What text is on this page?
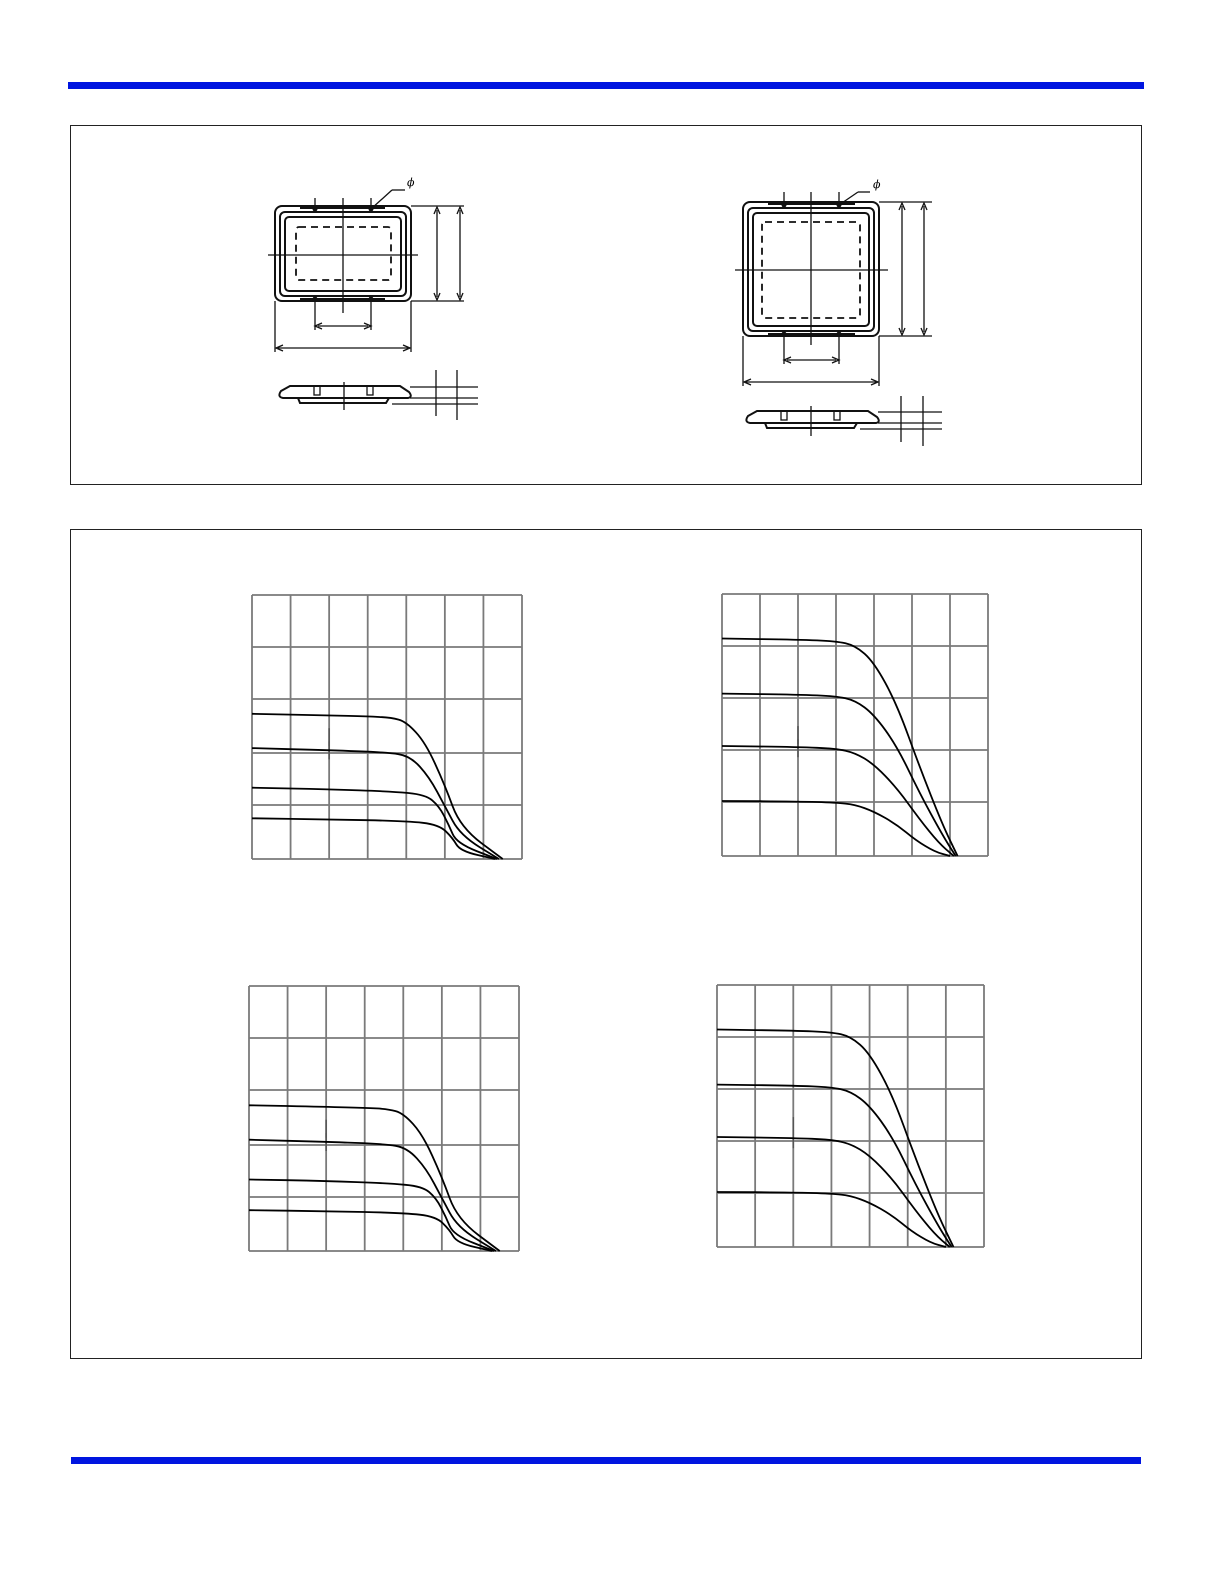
ϕ	ϕ
